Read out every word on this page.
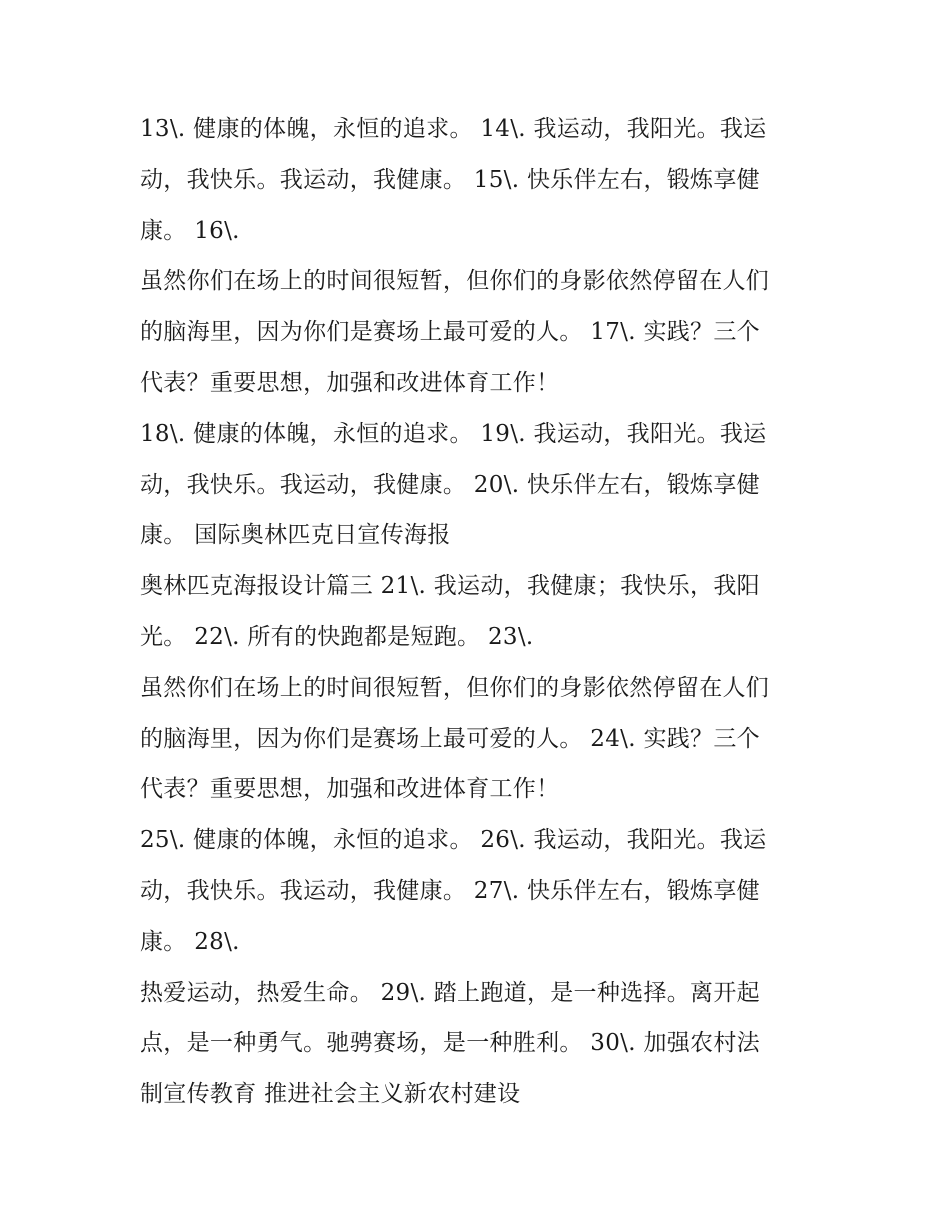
13\. 健康的体魄，永恒的追求。 14\. 我运动，我阳光。我运
动，我快乐。我运动，我健康。 15\. 快乐伴左右，锻炼享健
康。 16\.
虽然你们在场上的时间很短暂，但你们的身影依然停留在人们
的脑海里，因为你们是赛场上最可爱的人。 17\. 实践？三个
代表？重要思想，加强和改进体育工作！
18\. 健康的体魄，永恒的追求。 19\. 我运动，我阳光。我运
动，我快乐。我运动，我健康。 20\. 快乐伴左右，锻炼享健
康。 国际奥林匹克日宣传海报
奥林匹克海报设计篇三 21\. 我运动，我健康；我快乐，我阳
光。 22\. 所有的快跑都是短跑。 23\.
虽然你们在场上的时间很短暂，但你们的身影依然停留在人们
的脑海里，因为你们是赛场上最可爱的人。 24\. 实践？三个
代表？重要思想，加强和改进体育工作！
25\. 健康的体魄，永恒的追求。 26\. 我运动，我阳光。我运
动，我快乐。我运动，我健康。 27\. 快乐伴左右，锻炼享健
康。 28\.
热爱运动，热爱生命。 29\. 踏上跑道，是一种选择。离开起
点，是一种勇气。驰骋赛场，是一种胜利。 30\. 加强农村法
制宣传教育 推进社会主义新农村建设
